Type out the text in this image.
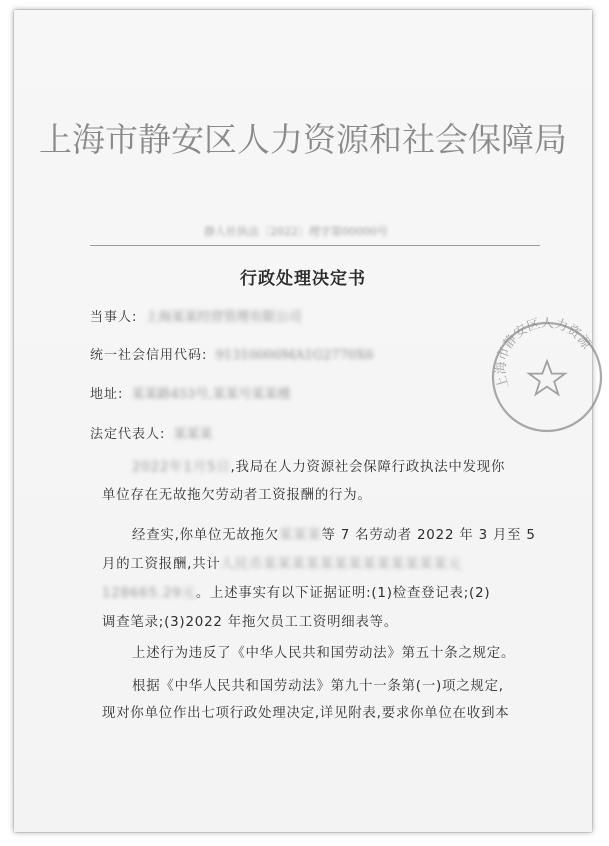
上海市静安区人力资源和社会保障局
静人社执法〔2022〕理字第00000号
行政处理决定书
当事人: 上海某某经营管理有限公司
统一社会信用代码: 91310000MA1G2770X6
地址: 某某路453号,某某号某某楼
法定代表人: 某某某
2022年1月5日,我局在人力资源社会保障行政执法中发现你
单位存在无故拖欠劳动者工资报酬的行为。
经查实,你单位无故拖欠某某某等 7 名劳动者 2022 年 3 月至 5
月的工资报酬,共计人民币某某某某某某某某某某某某某元
128665.29元。上述事实有以下证据证明:(1)检查登记表;(2)
调查笔录;(3)2022 年拖欠员工工资明细表等。
上述行为违反了《中华人民共和国劳动法》第五十条之规定。
根据《中华人民共和国劳动法》第九十一条第(一)项之规定,
现对你单位作出七项行政处理决定,详见附表,要求你单位在收到本
上海市静安区人力资源
